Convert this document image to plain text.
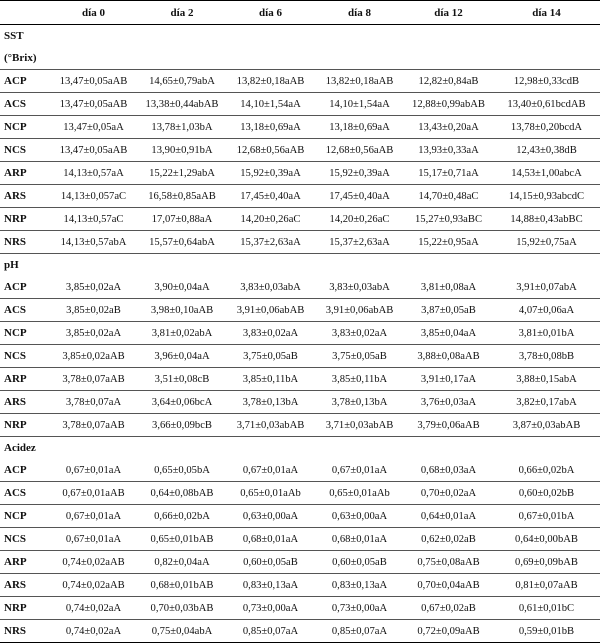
	día 0	día 2	día 6	día 8	día 12	día 14
SST						
(°Brix)						
ACP	13,47±0,05aAB	14,65±0,79abA	13,82±0,18aAB	13,82±0,18aAB	12,82±0,84aB	12,98±0,33cdB
ACS	13,47±0,05aAB	13,38±0,44abAB	14,10±1,54aA	14,10±1,54aA	12,88±0,99abAB	13,40±0,61bcdAB
NCP	13,47±0,05aA	13,78±1,03bA	13,18±0,69aA	13,18±0,69aA	13,43±0,20aA	13,78±0,20bcdA
NCS	13,47±0,05aAB	13,90±0,91bA	12,68±0,56aAB	12,68±0,56aAB	13,93±0,33aA	12,43±0,38dB
ARP	14,13±0,57aA	15,22±1,29abA	15,92±0,39aA	15,92±0,39aA	15,17±0,71aA	14,53±1,00abcA
ARS	14,13±0,057aC	16,58±0,85aAB	17,45±0,40aA	17,45±0,40aA	14,70±0,48aC	14,15±0,93abcdC
NRP	14,13±0,57aC	17,07±0,88aA	14,20±0,26aC	14,20±0,26aC	15,27±0,93aBC	14,88±0,43abBC
NRS	14,13±0,57abA	15,57±0,64abA	15,37±2,63aA	15,37±2,63aA	15,22±0,95aA	15,92±0,75aA
pH						
ACP	3,85±0,02aA	3,90±0,04aA	3,83±0,03abA	3,83±0,03abA	3,81±0,08aA	3,91±0,07abA
ACS	3,85±0,02aB	3,98±0,10aAB	3,91±0,06abAB	3,91±0,06abAB	3,87±0,05aB	4,07±0,06aA
NCP	3,85±0,02aA	3,81±0,02abA	3,83±0,02aA	3,83±0,02aA	3,85±0,04aA	3,81±0,01bA
NCS	3,85±0,02aAB	3,96±0,04aA	3,75±0,05aB	3,75±0,05aB	3,88±0,08aAB	3,78±0,08bB
ARP	3,78±0,07aAB	3,51±0,08cB	3,85±0,11bA	3,85±0,11bA	3,91±0,17aA	3,88±0,15abA
ARS	3,78±0,07aA	3,64±0,06bcA	3,78±0,13bA	3,78±0,13bA	3,76±0,03aA	3,82±0,17abA
NRP	3,78±0,07aAB	3,66±0,09bcB	3,71±0,03abAB	3,71±0,03abAB	3,79±0,06aAB	3,87±0,03abAB
Acidez						
ACP	0,67±0,01aA	0,65±0,05bA	0,67±0,01aA	0,67±0,01aA	0,68±0,03aA	0,66±0,02bA
ACS	0,67±0,01aAB	0,64±0,08bAB	0,65±0,01aAb	0,65±0,01aAb	0,70±0,02aA	0,60±0,02bB
NCP	0,67±0,01aA	0,66±0,02bA	0,63±0,00aA	0,63±0,00aA	0,64±0,01aA	0,67±0,01bA
NCS	0,67±0,01aA	0,65±0,01bAB	0,68±0,01aA	0,68±0,01aA	0,62±0,02aB	0,64±0,00bAB
ARP	0,74±0,02aAB	0,82±0,04aA	0,60±0,05aB	0,60±0,05aB	0,75±0,08aAB	0,69±0,09bAB
ARS	0,74±0,02aAB	0,68±0,01bAB	0,83±0,13aA	0,83±0,13aA	0,70±0,04aAB	0,81±0,07aAB
NRP	0,74±0,02aA	0,70±0,03bAB	0,73±0,00aA	0,73±0,00aA	0,67±0,02aB	0,61±0,01bC
NRS	0,74±0,02aA	0,75±0,04abA	0,85±0,07aA	0,85±0,07aA	0,72±0,09aAB	0,59±0,01bB
